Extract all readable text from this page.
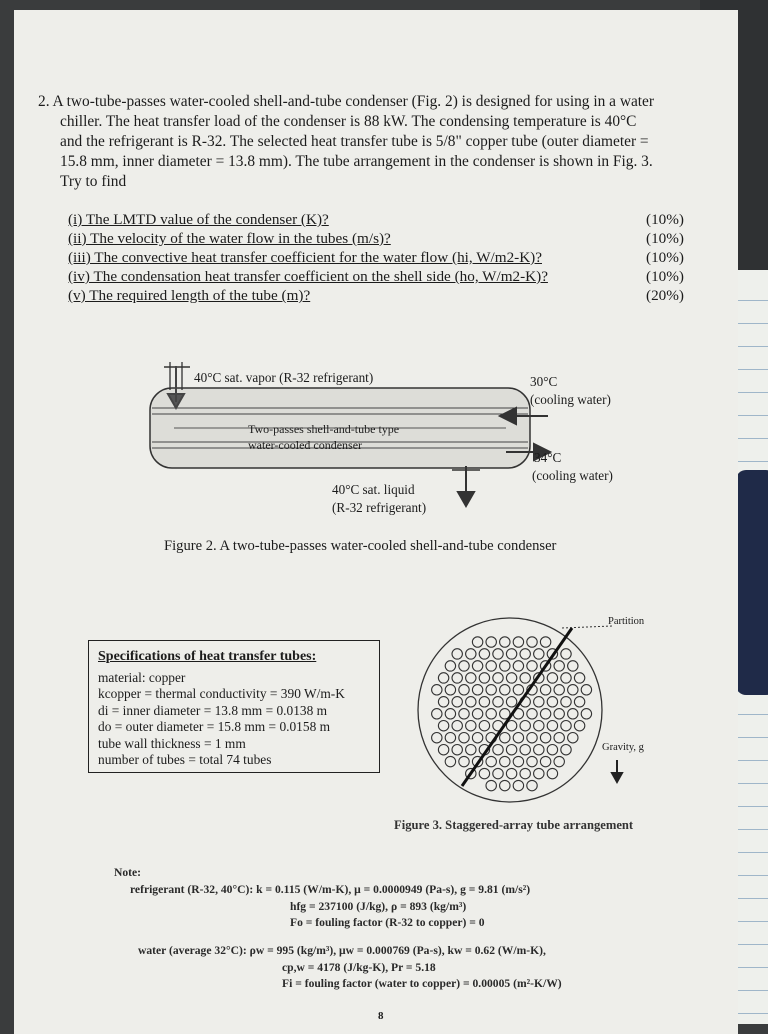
2. A two-tube-passes water-cooled shell-and-tube condenser (Fig. 2) is designed for using in a water

chiller. The heat transfer load of the condenser is 88 kW. The condensing temperature is 40°C

and the refrigerant is R-32. The selected heat transfer tube is 5/8" copper tube (outer diameter =

15.8 mm, inner diameter = 13.8 mm). The tube arrangement in the condenser is shown in Fig. 3.

Try to find

(i) The LMTD value of the condenser (K)?	(10%)
(ii) The velocity of the water flow in the tubes (m/s)?	(10%)
(iii) The convective heat transfer coefficient for the water flow (hi, W/m2-K)?	(10%)
(iv) The condensation heat transfer coefficient on the shell side (ho, W/m2-K)?	(10%)
(v) The required length of the tube (m)?	(20%)
40°C sat. vapor (R-32 refrigerant)	30°C
(cooling water)
Two-passes shell-and-tube type
water-cooled condenser
34°C
(cooling water)
40°C sat. liquid
(R-32 refrigerant)
Figure 2. A two-tube-passes water-cooled shell-and-tube condenser
Specifications of heat transfer tubes:
material: copper
kcopper = thermal conductivity = 390 W/m-K
di = inner diameter = 13.8 mm = 0.0138 m
do = outer diameter = 15.8 mm = 0.0158 m
tube wall thickness = 1 mm
number of tubes = total 74 tubes
Partition
Gravity, g
Figure 3. Staggered-array tube arrangement
Note:
refrigerant (R-32, 40°C): k = 0.115 (W/m-K), μ = 0.0000949 (Pa-s), g = 9.81 (m/s²)
hfg = 237100 (J/kg), ρ = 893 (kg/m³)
Fo = fouling factor (R-32 to copper) = 0
water (average 32°C): ρw = 995 (kg/m³), μw = 0.000769 (Pa-s), kw = 0.62 (W/m-K),
cp,w = 4178 (J/kg-K), Pr = 5.18
Fi = fouling factor (water to copper) = 0.00005 (m²-K/W)
8
